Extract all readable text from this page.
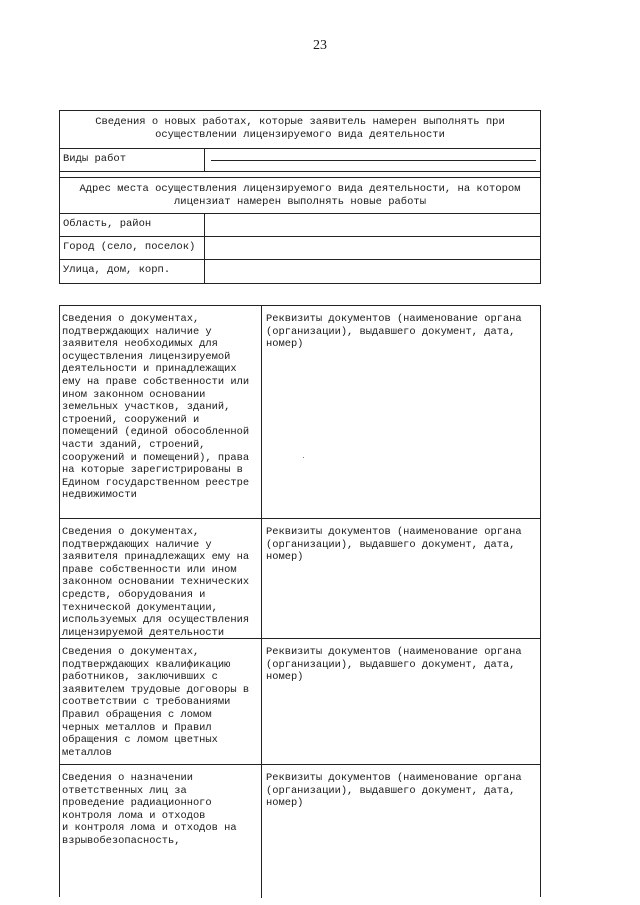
23
Сведения о новых работах, которые заявитель намерен выполнять при
осуществлении лицензируемого вида деятельности
Виды работ
Адрес места осуществления лицензируемого вида деятельности, на котором
лицензиат намерен выполнять новые работы
Область, район
Город (село, поселок)
Улица, дом, корп.
Сведения о документах,
подтверждающих наличие у
заявителя необходимых для
осуществления лицензируемой
деятельности и принадлежащих
ему на праве собственности или
ином законном основании
земельных участков, зданий,
строений, сооружений и
помещений (единой обособленной
части зданий, строений,
сооружений и помещений), права
на которые зарегистрированы в
Едином государственном реестре
недвижимости
Реквизиты документов (наименование органа
(организации), выдавшего документ, дата,
номер)
Сведения о документах,
подтверждающих наличие у
заявителя принадлежащих ему на
праве собственности или ином
законном основании технических
средств, оборудования и
технической документации,
используемых для осуществления
лицензируемой деятельности
Реквизиты документов (наименование органа
(организации), выдавшего документ, дата,
номер)
Сведения о документах,
подтверждающих квалификацию
работников, заключивших с
заявителем трудовые договоры в
соответствии с требованиями
Правил обращения с ломом
черных металлов и Правил
обращения с ломом цветных
металлов
Реквизиты документов (наименование органа
(организации), выдавшего документ, дата,
номер)
Сведения о назначении
ответственных лиц за
проведение радиационного
контроля лома и отходов
и контроля лома и отходов на
взрывобезопасность,
Реквизиты документов (наименование органа
(организации), выдавшего документ, дата,
номер)
